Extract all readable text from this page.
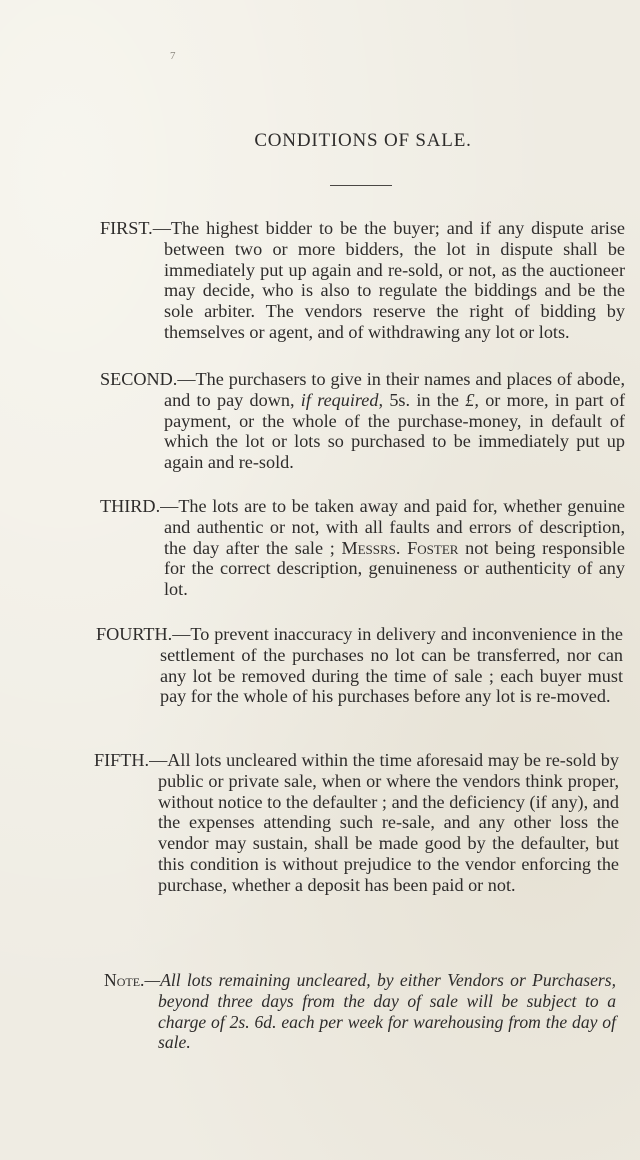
7
CONDITIONS OF SALE.

FIRST.—The highest bidder to be the buyer; and if any dispute arise between two or more bidders, the lot in dispute shall be immediately put up again and re-sold, or not, as the auctioneer may decide, who is also to regulate the biddings and be the sole arbiter. The vendors reserve the right of bidding by themselves or agent, and of withdrawing any lot or lots.

SECOND.—The purchasers to give in their names and places of abode, and to pay down, if required, 5s. in the £, or more, in part of payment, or the whole of the purchase-money, in default of which the lot or lots so purchased to be immediately put up again and re-sold.

THIRD.—The lots are to be taken away and paid for, whether genuine and authentic or not, with all faults and errors of description, the day after the sale ; Messrs. Foster not being responsible for the correct description, genuineness or authenticity of any lot.

FOURTH.—To prevent inaccuracy in delivery and inconvenience in the settlement of the purchases no lot can be transferred, nor can any lot be removed during the time of sale ; each buyer must pay for the whole of his purchases before any lot is re-moved.

FIFTH.—All lots uncleared within the time aforesaid may be re-sold by public or private sale, when or where the vendors think proper, without notice to the defaulter ; and the deficiency (if any), and the expenses attending such re-sale, and any other loss the vendor may sustain, shall be made good by the defaulter, but this condition is without prejudice to the vendor enforcing the purchase, whether a deposit has been paid or not.

Note.—All lots remaining uncleared, by either Vendors or Purchasers, beyond three days from the day of sale will be subject to a charge of 2s. 6d. each per week for warehousing from the day of sale.
